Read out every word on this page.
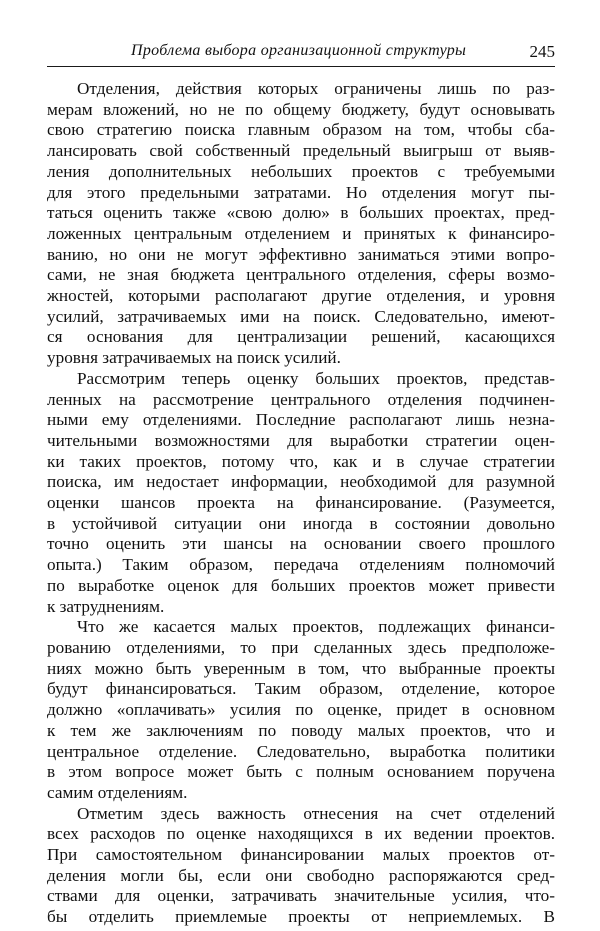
Проблема выбора организационной структуры	245

Отделения, действия которых ограничены лишь по раз-
мерам вложений, но не по общему бюджету, будут основывать
свою стратегию поиска главным образом на том, чтобы сба-
лансировать свой собственный предельный выигрыш от выяв-
ления дополнительных небольших проектов с требуемыми
для этого предельными затратами. Но отделения могут пы-
таться оценить также «свою долю» в больших проектах, пред-
ложенных центральным отделением и принятых к финансиро-
ванию, но они не могут эффективно заниматься этими вопро-
сами, не зная бюджета центрального отделения, сферы возмо-
жностей, которыми располагают другие отделения, и уровня
усилий, затрачиваемых ими на поиск. Следовательно, имеют-
ся основания для централизации решений, касающихся
уровня затрачиваемых на поиск усилий.

Рассмотрим теперь оценку больших проектов, представ-
ленных на рассмотрение центрального отделения подчинен-
ными ему отделениями. Последние располагают лишь незна-
чительными возможностями для выработки стратегии оцен-
ки таких проектов, потому что, как и в случае стратегии
поиска, им недостает информации, необходимой для разумной
оценки шансов проекта на финансирование. (Разумеется,
в устойчивой ситуации они иногда в состоянии довольно
точно оценить эти шансы на основании своего прошлого
опыта.) Таким образом, передача отделениям полномочий
по выработке оценок для больших проектов может привести
к затруднениям.

Что же касается малых проектов, подлежащих финанси-
рованию отделениями, то при сделанных здесь предположе-
ниях можно быть уверенным в том, что выбранные проекты
будут финансироваться. Таким образом, отделение, которое
должно «оплачивать» усилия по оценке, придет в основном
к тем же заключениям по поводу малых проектов, что и
центральное отделение. Следовательно, выработка политики
в этом вопросе может быть с полным основанием поручена
самим отделениям.

Отметим здесь важность отнесения на счет отделений
всех расходов по оценке находящихся в их ведении проектов.
При самостоятельном финансировании малых проектов от-
деления могли бы, если они свободно распоряжаются сред-
ствами для оценки, затрачивать значительные усилия, что-
бы отделить приемлемые проекты от неприемлемых. В
